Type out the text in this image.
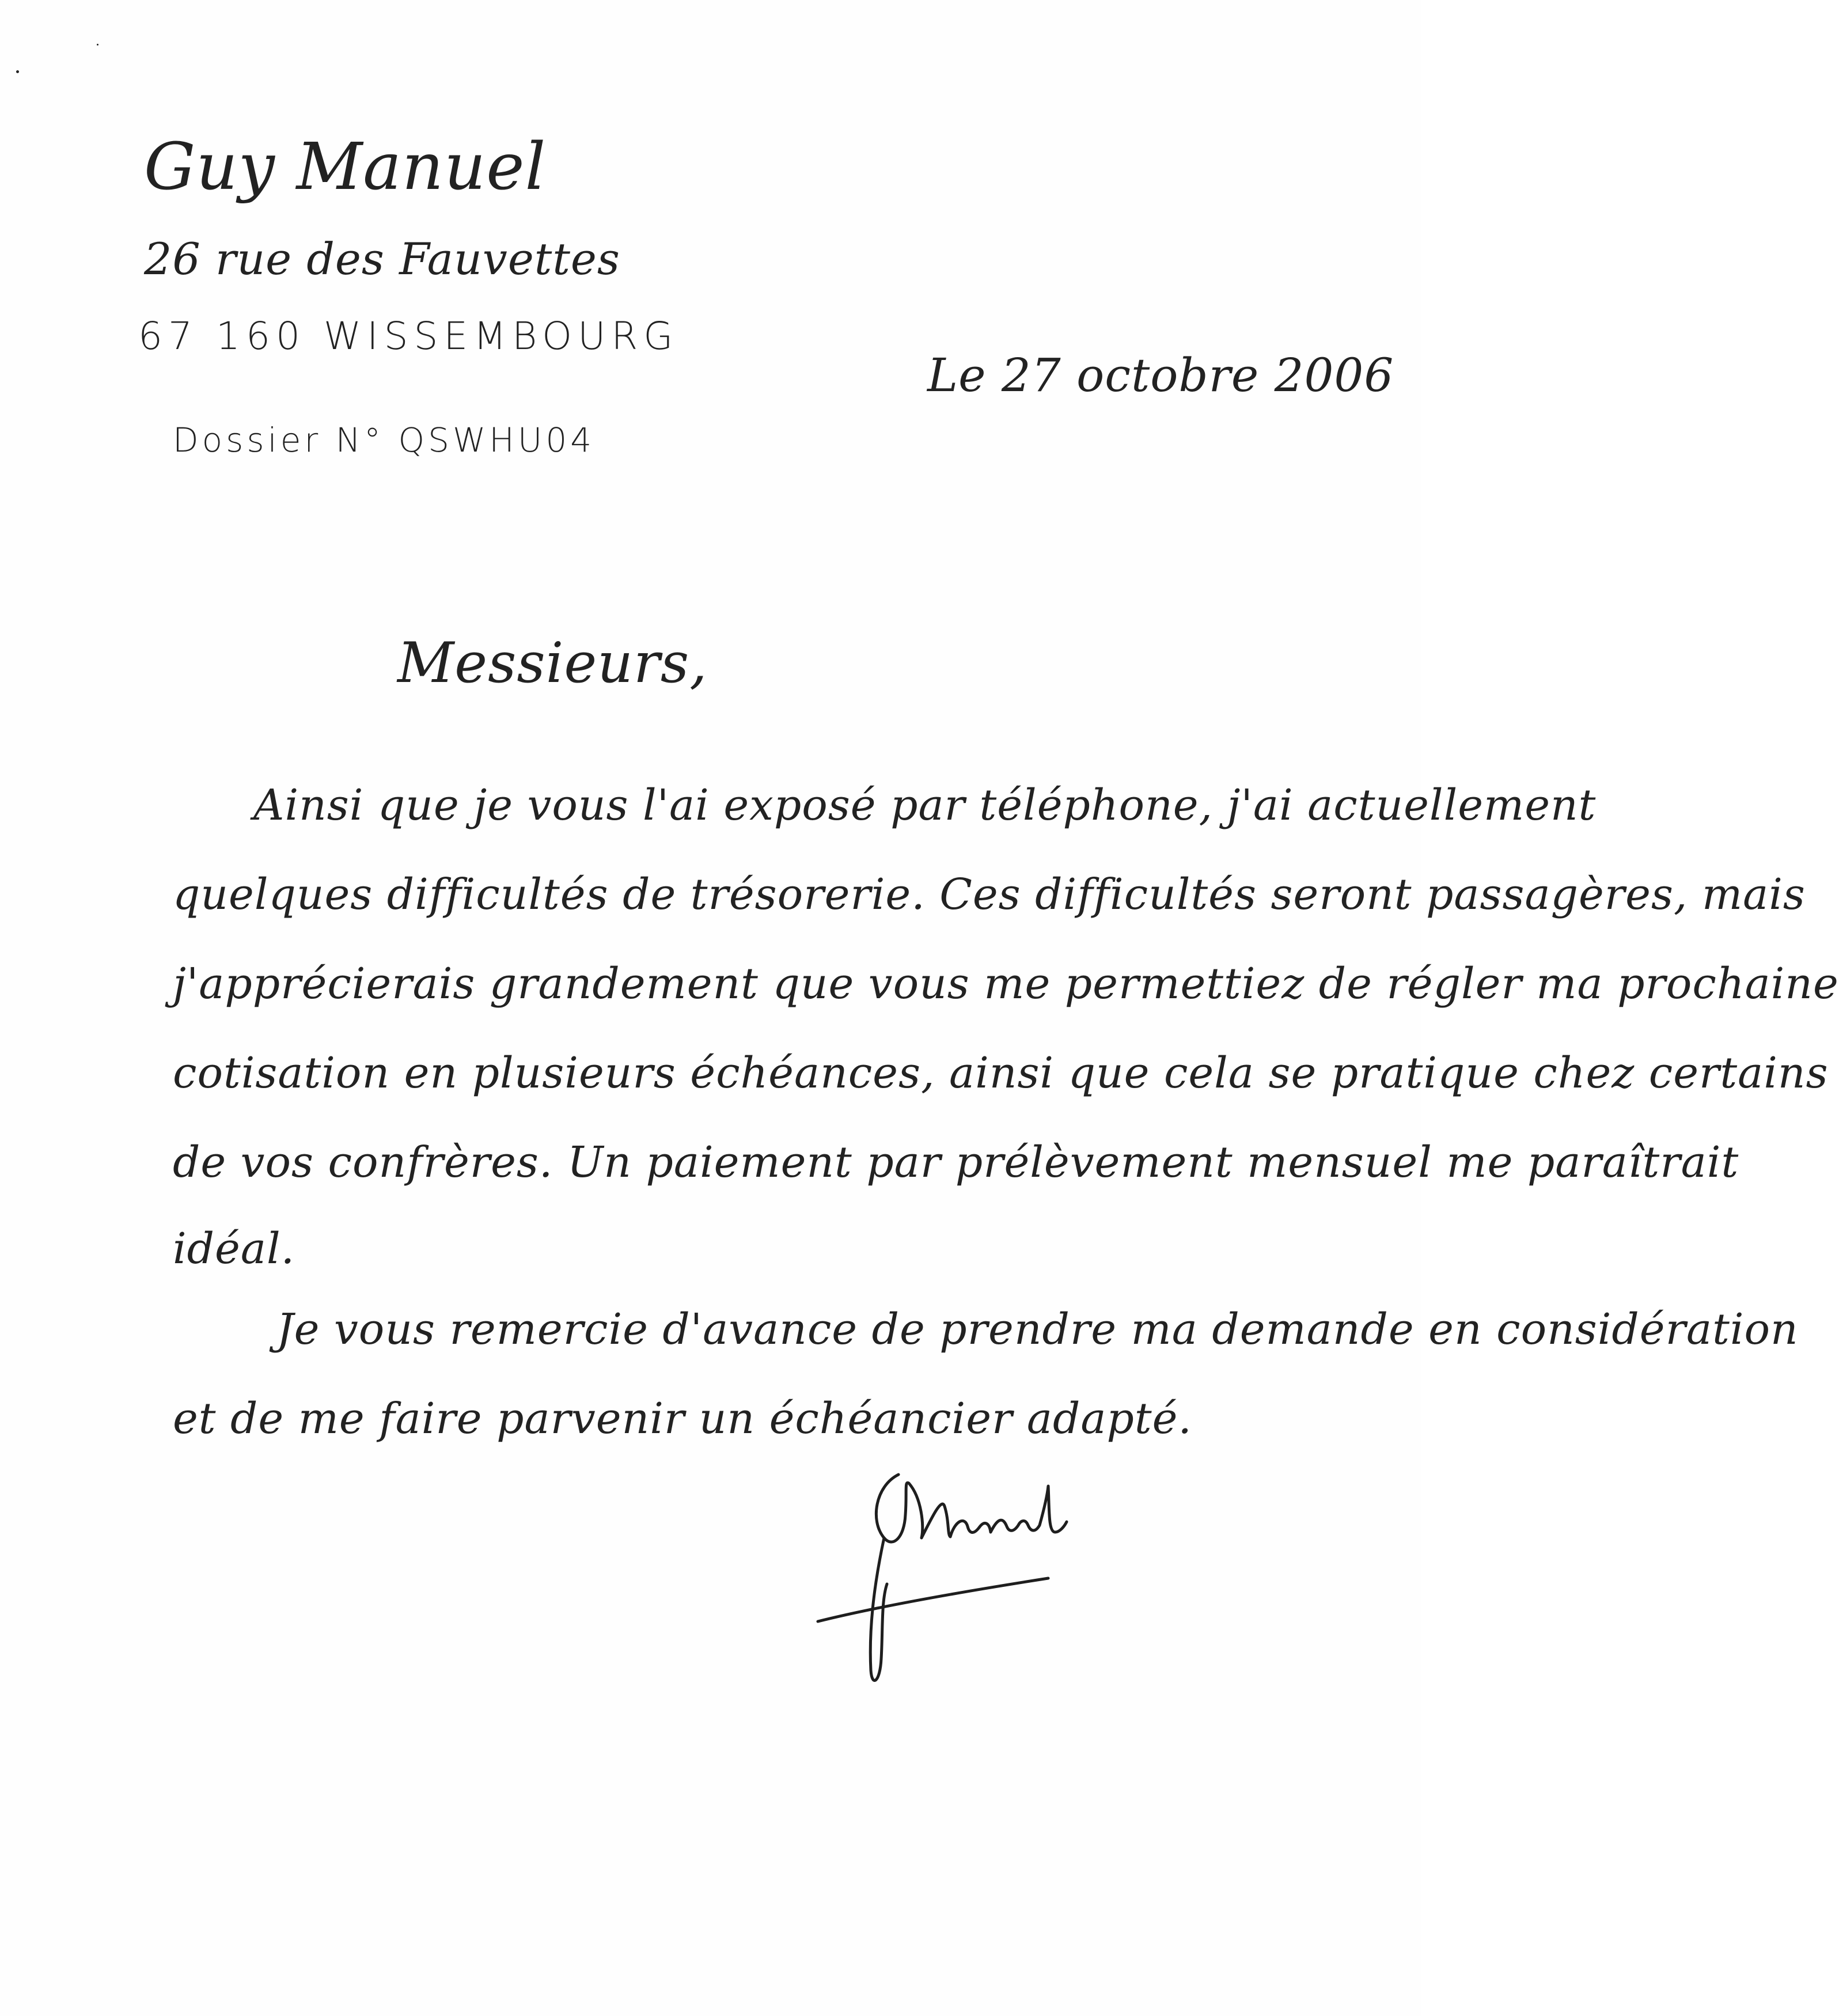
Guy Manuel
26 rue des Fauvettes
67 160 WISSEMBOURG
Le 27 octobre 2006
Dossier N° QSWHU04
Messieurs,
Ainsi que je vous l'ai exposé par téléphone, j'ai actuellement
quelques difficultés de trésorerie. Ces difficultés seront passagères, mais
j'apprécierais grandement que vous me permettiez de régler ma prochaine
cotisation en plusieurs échéances, ainsi que cela se pratique chez certains
de vos confrères. Un paiement par prélèvement mensuel me paraîtrait
idéal.
Je vous remercie d'avance de prendre ma demande en considération
et de me faire parvenir un échéancier adapté.
